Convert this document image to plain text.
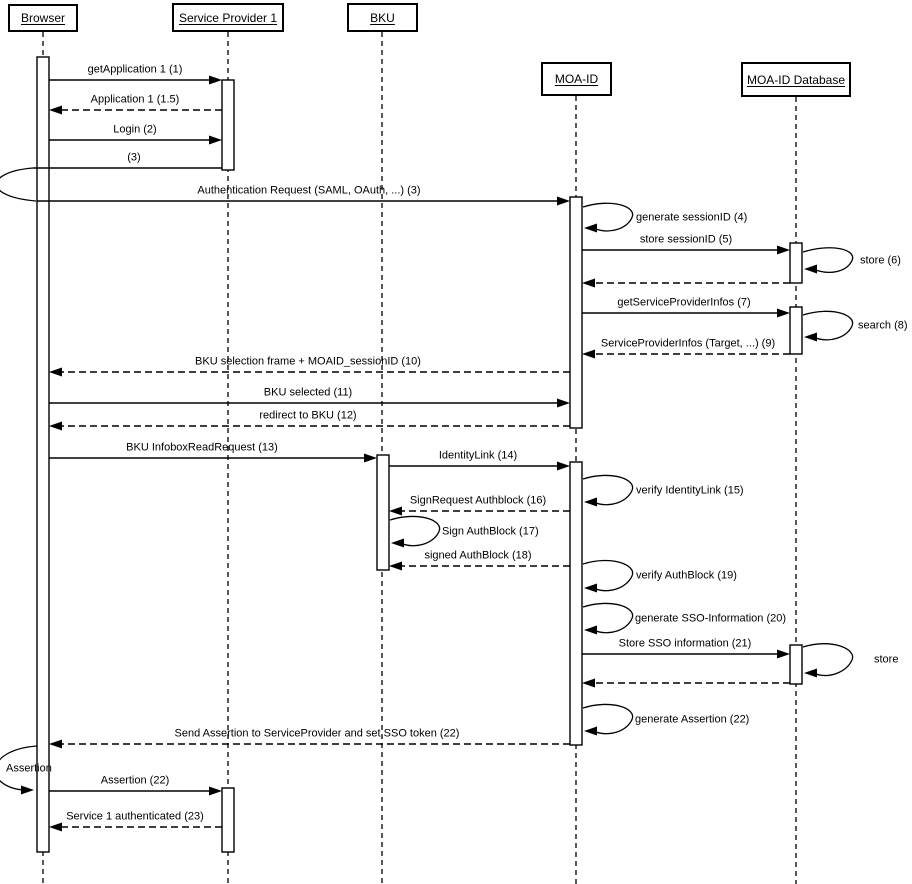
Browser	Service Provider 1	BKU
MOA-ID	MOA-ID Database
getApplication 1 (1)
Application 1 (1.5)
Login (2)
(3)
Authentication Request (SAML, OAuth, ...) (3)
store sessionID (5)
getServiceProviderInfos (7)
ServiceProviderInfos (Target, ...) (9)
BKU selection frame + MOAID_sessionID (10)
BKU selected (11)
redirect to BKU (12)
BKU InfoboxReadRequest (13)
IdentityLink (14)
SignRequest Authblock (16)
signed AuthBlock (18)
Store SSO information (21)
Send Assertion to ServiceProvider and set SSO token (22)
Assertion (22)
Service 1 authenticated (23)
generate sessionID (4)
store (6)
search (8)
verify IdentityLink (15)
Sign AuthBlock (17)
verify AuthBlock (19)
generate SSO-Information (20)
store
generate Assertion (22)
Assertion
